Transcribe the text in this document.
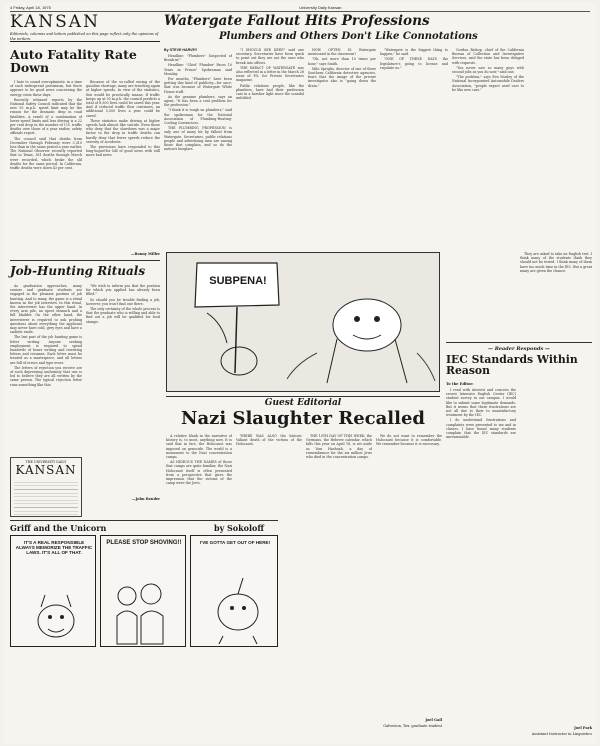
4 Friday, April 18, 1975	University Daily Kansan
KANSAN
Editorials, columns and letters published on this page reflect only the opinions of the writers.
Auto Fatality Rate Down

I hate to sound overoptimistic in a time of such widespread pessimism, but there appears to be good news concerning the energy crisis these days.

Recently released reports by the National Safety Council indicated that the new 55 m.p.h. speed limit may be the reason for the dramatic drop in road fatalities. A result of a combination of lower speed limits and less driving is a 22 per cent drop in the number of U.S. traffic deaths over those of a year earlier, safety officials report.

The council said that deaths from December through February were 3,310 less than in the same period a year earlier. The National Observer recently reported that in Texas, 381 deaths through March were recorded, which broke the old deaths for the same period. In California, traffic deaths were down 43 per cent.

Because of the so-called easing of the gasoline shortage, many are traveling again at higher speeds. In view of the statistics, this would be practically insane. If traffic keeps up at 55 m.p.h. the council predicts a total of 8,500 lives could be saved this year. And if reduced traffic flow continues, an additional 5,500 lives a year could be saved.

These statistics make driving at higher speeds look almost like suicide. Even those who deny that the slowdown was a major factor in the drop in traffic deaths can hardly deny that fewer speeds reduce the severity of accidents.

The provisions have responded to this long-hoped-for bill of good news with still more bad news.

—Ronny Miller
Job-Hunting Rituals

As graduation approaches, many seniors and graduate students are engaged in the pleasant pastime of job hunting. And to many, the game is a ritual known as the job interview. In this ritual, the interviewer has the upper hand. In every arm pile, an upset stomach and a full bladder. On the other hand, the interviewer is required to ask probing questions about everything the applicant may never have cold, grey eyes and have a sadistic smile.

The last part of the job hunting game is letter writing. Anyone seeking employment is required to spend hundreds of hours writing and rewriting letters and resumes. Each letter must be treated as a masterpiece, and all letters are full of errors and type-overs.

The letters of rejection you receive are of such depressing uniformity that one is led to believe they are all written by the same person. The typical rejection letter runs something like this:

"We wish to inform you that the position for which you applied has already been filled."

So should you be trouble finding a job, however, you won't find one there.

The only certainty of the whole process is that the graduate who is willing and able to find out a job will be qualified for food stamps.

—John Bender
THE UNIVERSITY DAILY
KANSAN
Griff and the Unicorn	by Sokoloff
IT'S A REAL RESPONSIBLE ALWAYS MEMORIZE THE TRAFFIC LAWS. IT'S ALL OF THAT.
PLEASE STOP SHOVING!!	I'VE GOTTA GET OUT OF HERE!
Watergate Fallout Hits Professions
Plumbers and Others Don't Like Connotations
By STEVE HARVEY

Headline: "Plumbers" Suspected of Break-in!"

Headline: "Chief 'Plumber' Faces 10 Years in Prison" Spokesman said Monday.

For months, "Plumbers" have been getting this kind of publicity—for once, that was because of Watergate White House staff.

As the genuine plumbers, says an agent, "It has been a real problem for the profession."

"I think it is tough on plumbers," said the spokesman for the National Association of Plumbing-Heating-Cooling Contractors.

THE PLUMBING PROFESSION is only one of many hit by fallout from Watergate. Secretaries, public relations people and advertising men are among those that complain, and so do the nation's burglars.

"I SHOULD SEE KEEP," said one secretary. Secretaries have been quick to point out they are not the ones who break into offices.

THE IMPACT OF WATERGATE was also reflected in a letter in the March 28 issue of P.S. for Private Secretaries magazine.

Public relations people, like the plumbers, have had their profession cast in a harsher light since the scandal unfolded.

HOW OFTEN IS Watergate mentioned in the classroom?

"Oh, not more than 10 times per hour," says Smith.

Milo Spriglio, director of one of three Southern California detective agencies, fears that the image of the private investigator also is "going down the drain."

"Watergate is the biggest thing to happen," he said.

"ONE OF THESE DAYS the legislature's going to license and regulate us."

Gordon Bishop, chief of the California Bureau of Collection and Investigative Services, said the state has been deluged with requests.

"You never saw so many guys with second jobs as you do now," said one.

"The problem," says Eva Mosley of the National Incorporated Automobile Dealers Association, "people expect used cars to be like new cars."

SUBPENA!
— Reader Responds —
IEC Standards Within Reason
To the Editor:

I read with interest and concern the recent Intensive English Center (IEC) student survey in our campus. I would like to submit some legitimate demands. But it seems that these frustrations are not all due to their to unsatisfactory treatment by the IEC.

I do understand frustrations and complaints were presented to me and in classes. I have found many students complain that the IEC standards are unreasonable.

They are asked to take an English test. I think many of the students think they should not be tested. I think many of them have too much time in the IEC. But a great many are given the chance.

Joel Park
Assistant Instructor in Linguistics
Guest Editorial
Nazi Slaughter Recalled

A relative blank in the narrative of history is, to most, anything now. It is said that in fact, the Holocaust was imposed on genocide. The world is a monument to the Nazi concentration camps.

AS HIDEOUS THE NAMES of those that camps are quite familiar, the Nazi Holocaust itself is often presented from a perspective that gives the impression that the victims of the camp were the Jews.

THERE WAS ALSO the historic Valiant death of the victims of the Holocaust.

THE 10TH DAY OF THIS WEEK, the Germans, the Hebrew calendar, which falls this year on April 18, is set aside as Yom Hashoah, a day of remembrance for the six million Jews who died in the concentration camps.

We do not want to remember the Holocaust because it is comfortable. We remember because it is necessary.

Joel Gail
Galveston, Tex. graduate student
